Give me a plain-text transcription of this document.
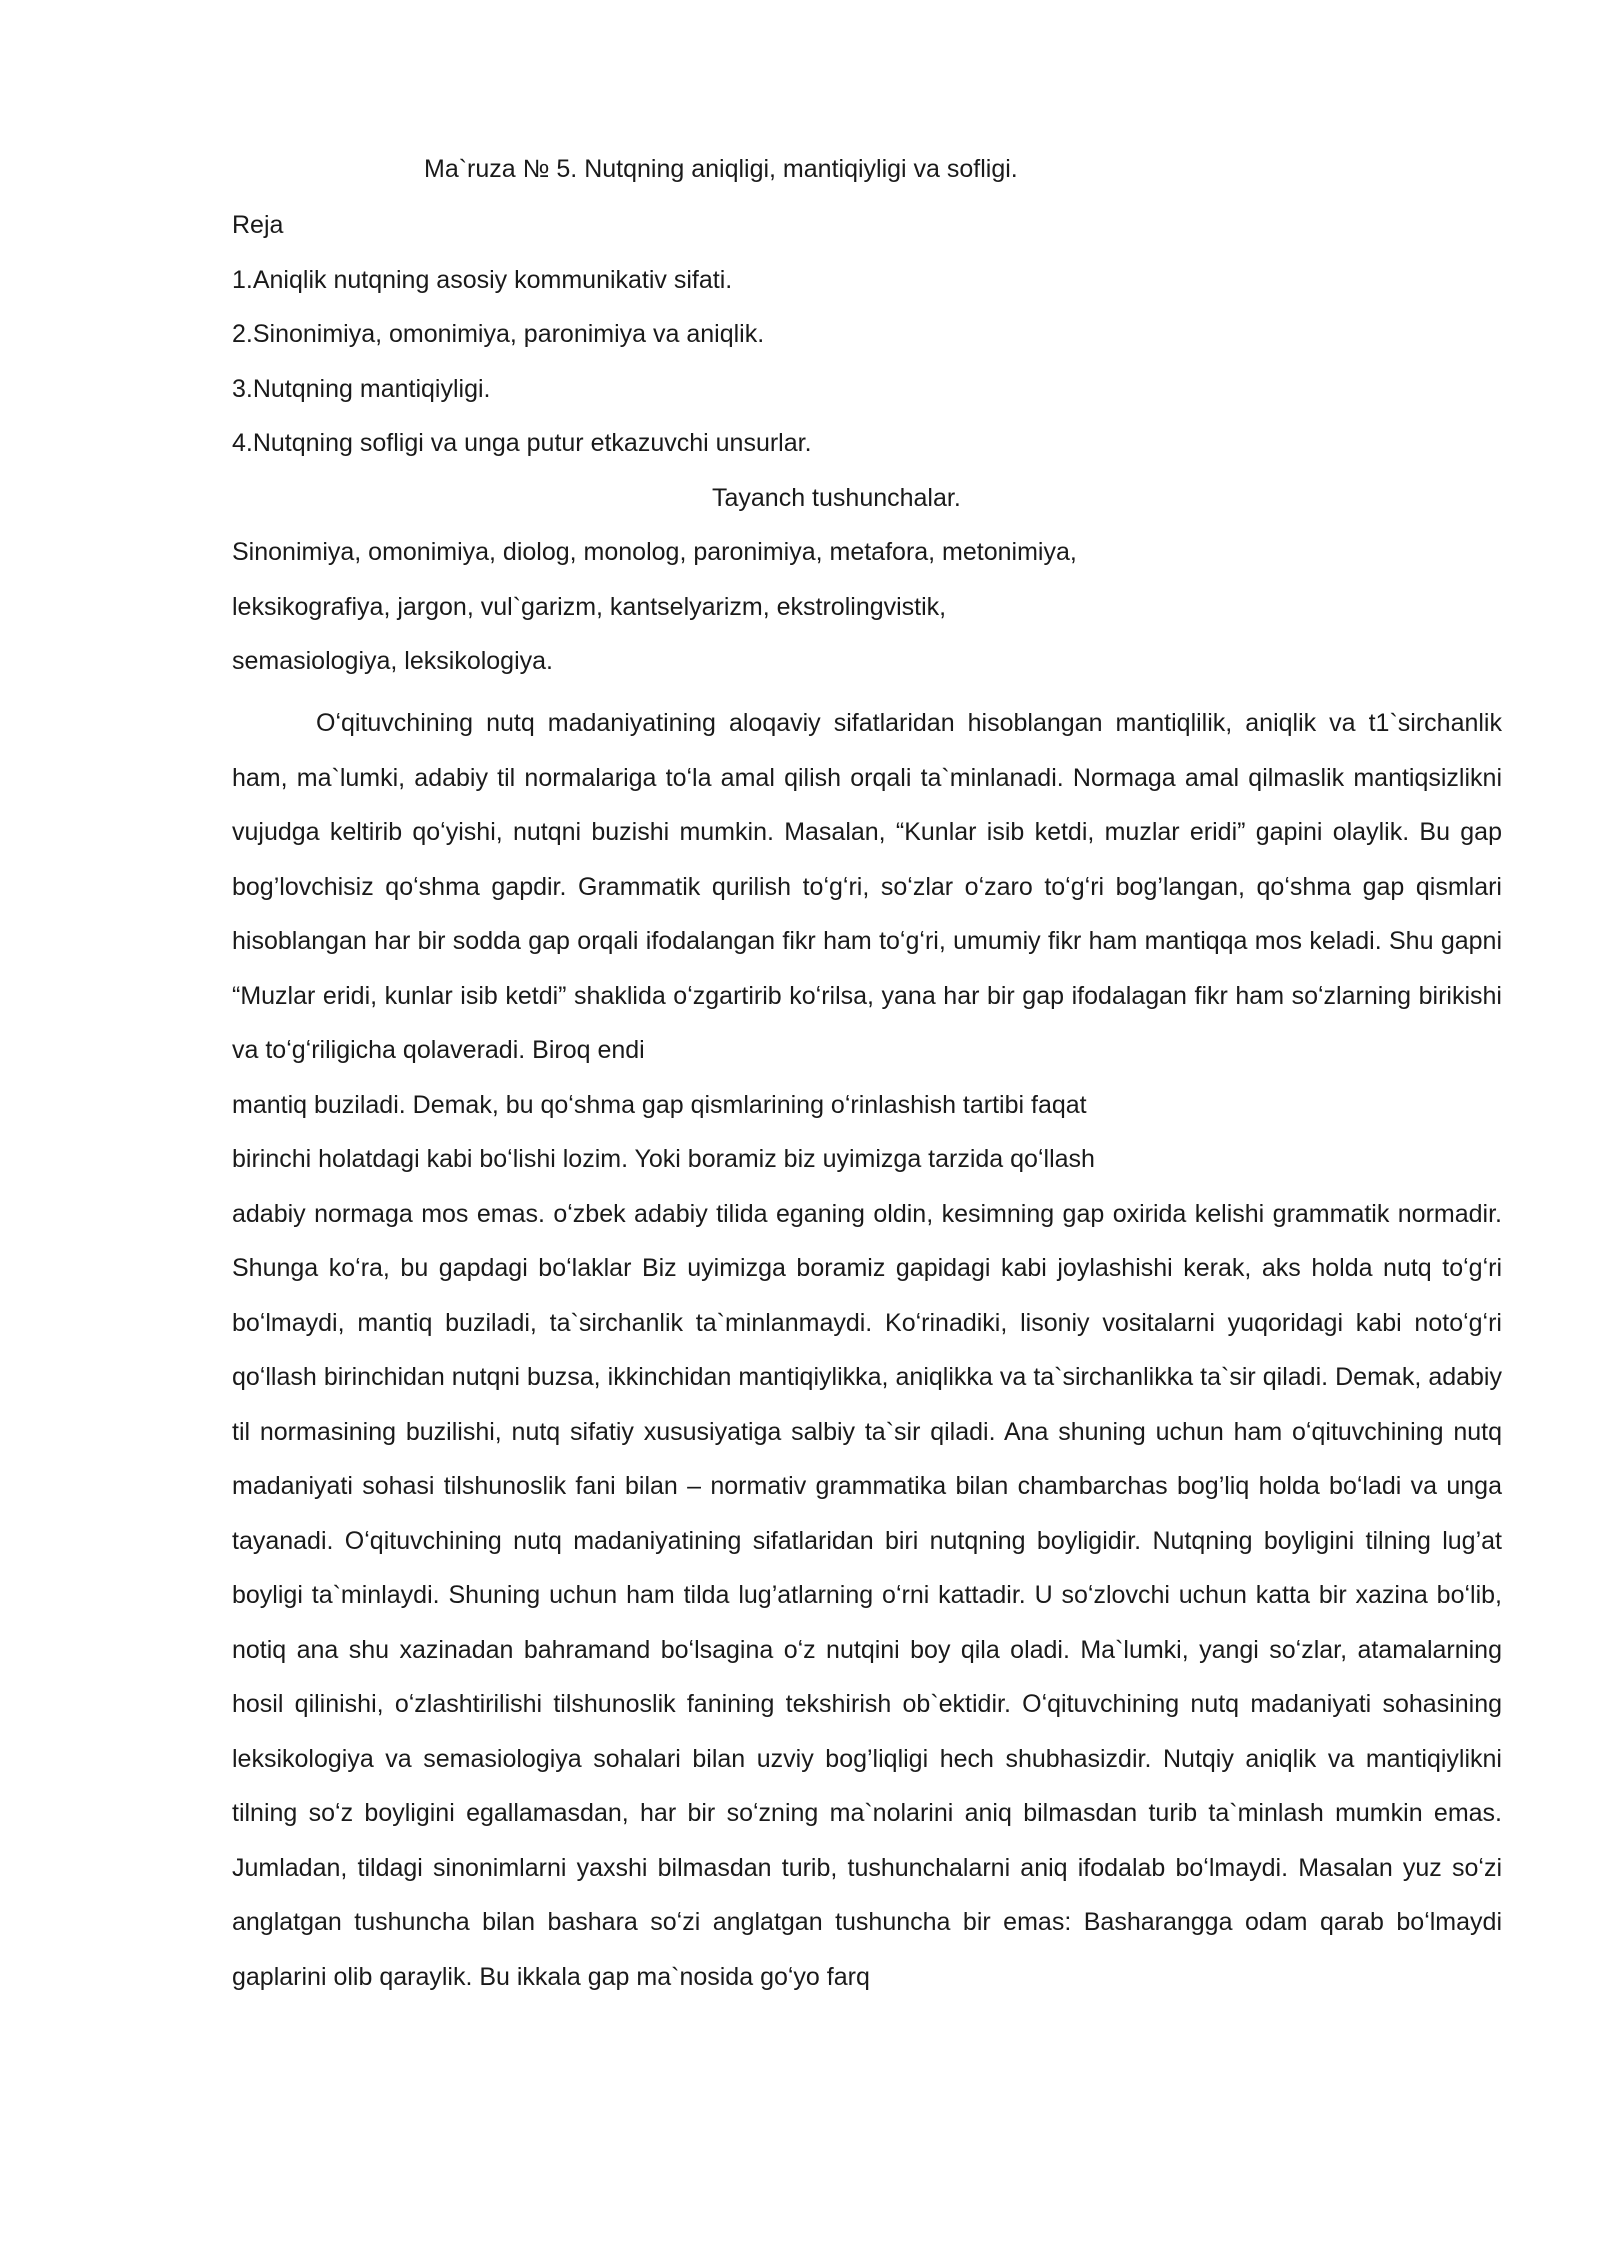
Ma`ruza № 5. Nutqning aniqligi, mantiqiyligi va sofligi.
Reja
1.Aniqlik nutqning asosiy kommunikativ sifati.
2.Sinonimiya, omonimiya, paronimiya va aniqlik.
3.Nutqning mantiqiyligi.
4.Nutqning sofligi va unga putur etkazuvchi unsurlar.
Tayanch tushunchalar.
Sinonimiya, omonimiya, diolog, monolog, paronimiya, metafora, metonimiya,
leksikografiya, jargon, vul`garizm, kantselyarizm, ekstrolingvistik,
semasiologiya, leksikologiya.

Oʻqituvchining nutq madaniyatining aloqaviy sifatlaridan hisoblangan mantiqlilik, aniqlik va t1`sirchanlik ham, ma`lumki, adabiy til normalariga toʻla amal qilish orqali ta`minlanadi. Normaga amal qilmaslik mantiqsizlikni vujudga keltirib qoʻyishi, nutqni buzishi mumkin. Masalan, “Kunlar isib ketdi, muzlar eridi” gapini olaylik. Bu gap bog’lovchisiz qoʻshma gapdir. Grammatik qurilish toʻgʻri, soʻzlar oʻzaro toʻgʻri bog’langan, qoʻshma gap qismlari hisoblangan har bir sodda gap orqali ifodalangan fikr ham toʻgʻri, umumiy fikr ham mantiqqa mos keladi. Shu gapni “Muzlar eridi, kunlar isib ketdi” shaklida oʻzgartirib koʻrilsa, yana har bir gap ifodalagan fikr ham soʻzlarning birikishi va toʻgʻriligicha qolaveradi. Biroq endi

mantiq buziladi. Demak, bu qoʻshma gap qismlarining oʻrinlashish tartibi faqat

birinchi holatdagi kabi boʻlishi lozim. Yoki boramiz biz uyimizga tarzida qoʻllash

adabiy normaga mos emas. oʻzbek adabiy tilida eganing oldin, kesimning gap oxirida kelishi grammatik normadir. Shunga koʻra, bu gapdagi boʻlaklar Biz uyimizga boramiz gapidagi kabi joylashishi kerak, aks holda nutq toʻgʻri boʻlmaydi, mantiq buziladi, ta`sirchanlik ta`minlanmaydi. Koʻrinadiki, lisoniy vositalarni yuqoridagi kabi notoʻgʻri qoʻllash birinchidan nutqni buzsa, ikkinchidan mantiqiylikka, aniqlikka va ta`sirchanlikka ta`sir qiladi. Demak, adabiy til normasining buzilishi, nutq sifatiy xususiyatiga salbiy ta`sir qiladi. Ana shuning uchun ham oʻqituvchining nutq madaniyati sohasi tilshunoslik fani bilan – normativ grammatika bilan chambarchas bog’liq holda boʻladi va unga tayanadi. Oʻqituvchining nutq madaniyatining sifatlaridan biri nutqning boyligidir. Nutqning boyligini tilning lug’at boyligi ta`minlaydi. Shuning uchun ham tilda lug’atlarning oʻrni kattadir. U soʻzlovchi uchun katta bir xazina boʻlib, notiq ana shu xazinadan bahramand boʻlsagina oʻz nutqini boy qila oladi. Ma`lumki, yangi soʻzlar, atamalarning hosil qilinishi, oʻzlashtirilishi tilshunoslik fanining tekshirish ob`ektidir. Oʻqituvchining nutq madaniyati sohasining leksikologiya va semasiologiya sohalari bilan uzviy bog’liqligi hech shubhasizdir. Nutqiy aniqlik va mantiqiylikni tilning soʻz boyligini egallamasdan, har bir soʻzning ma`nolarini aniq bilmasdan turib ta`minlash mumkin emas. Jumladan, tildagi sinonimlarni yaxshi bilmasdan turib, tushunchalarni aniq ifodalab boʻlmaydi. Masalan yuz soʻzi anglatgan tushuncha bilan bashara soʻzi anglatgan tushuncha bir emas: Basharangga odam qarab boʻlmaydi gaplarini olib qaraylik. Bu ikkala gap ma`nosida goʻyo farq
